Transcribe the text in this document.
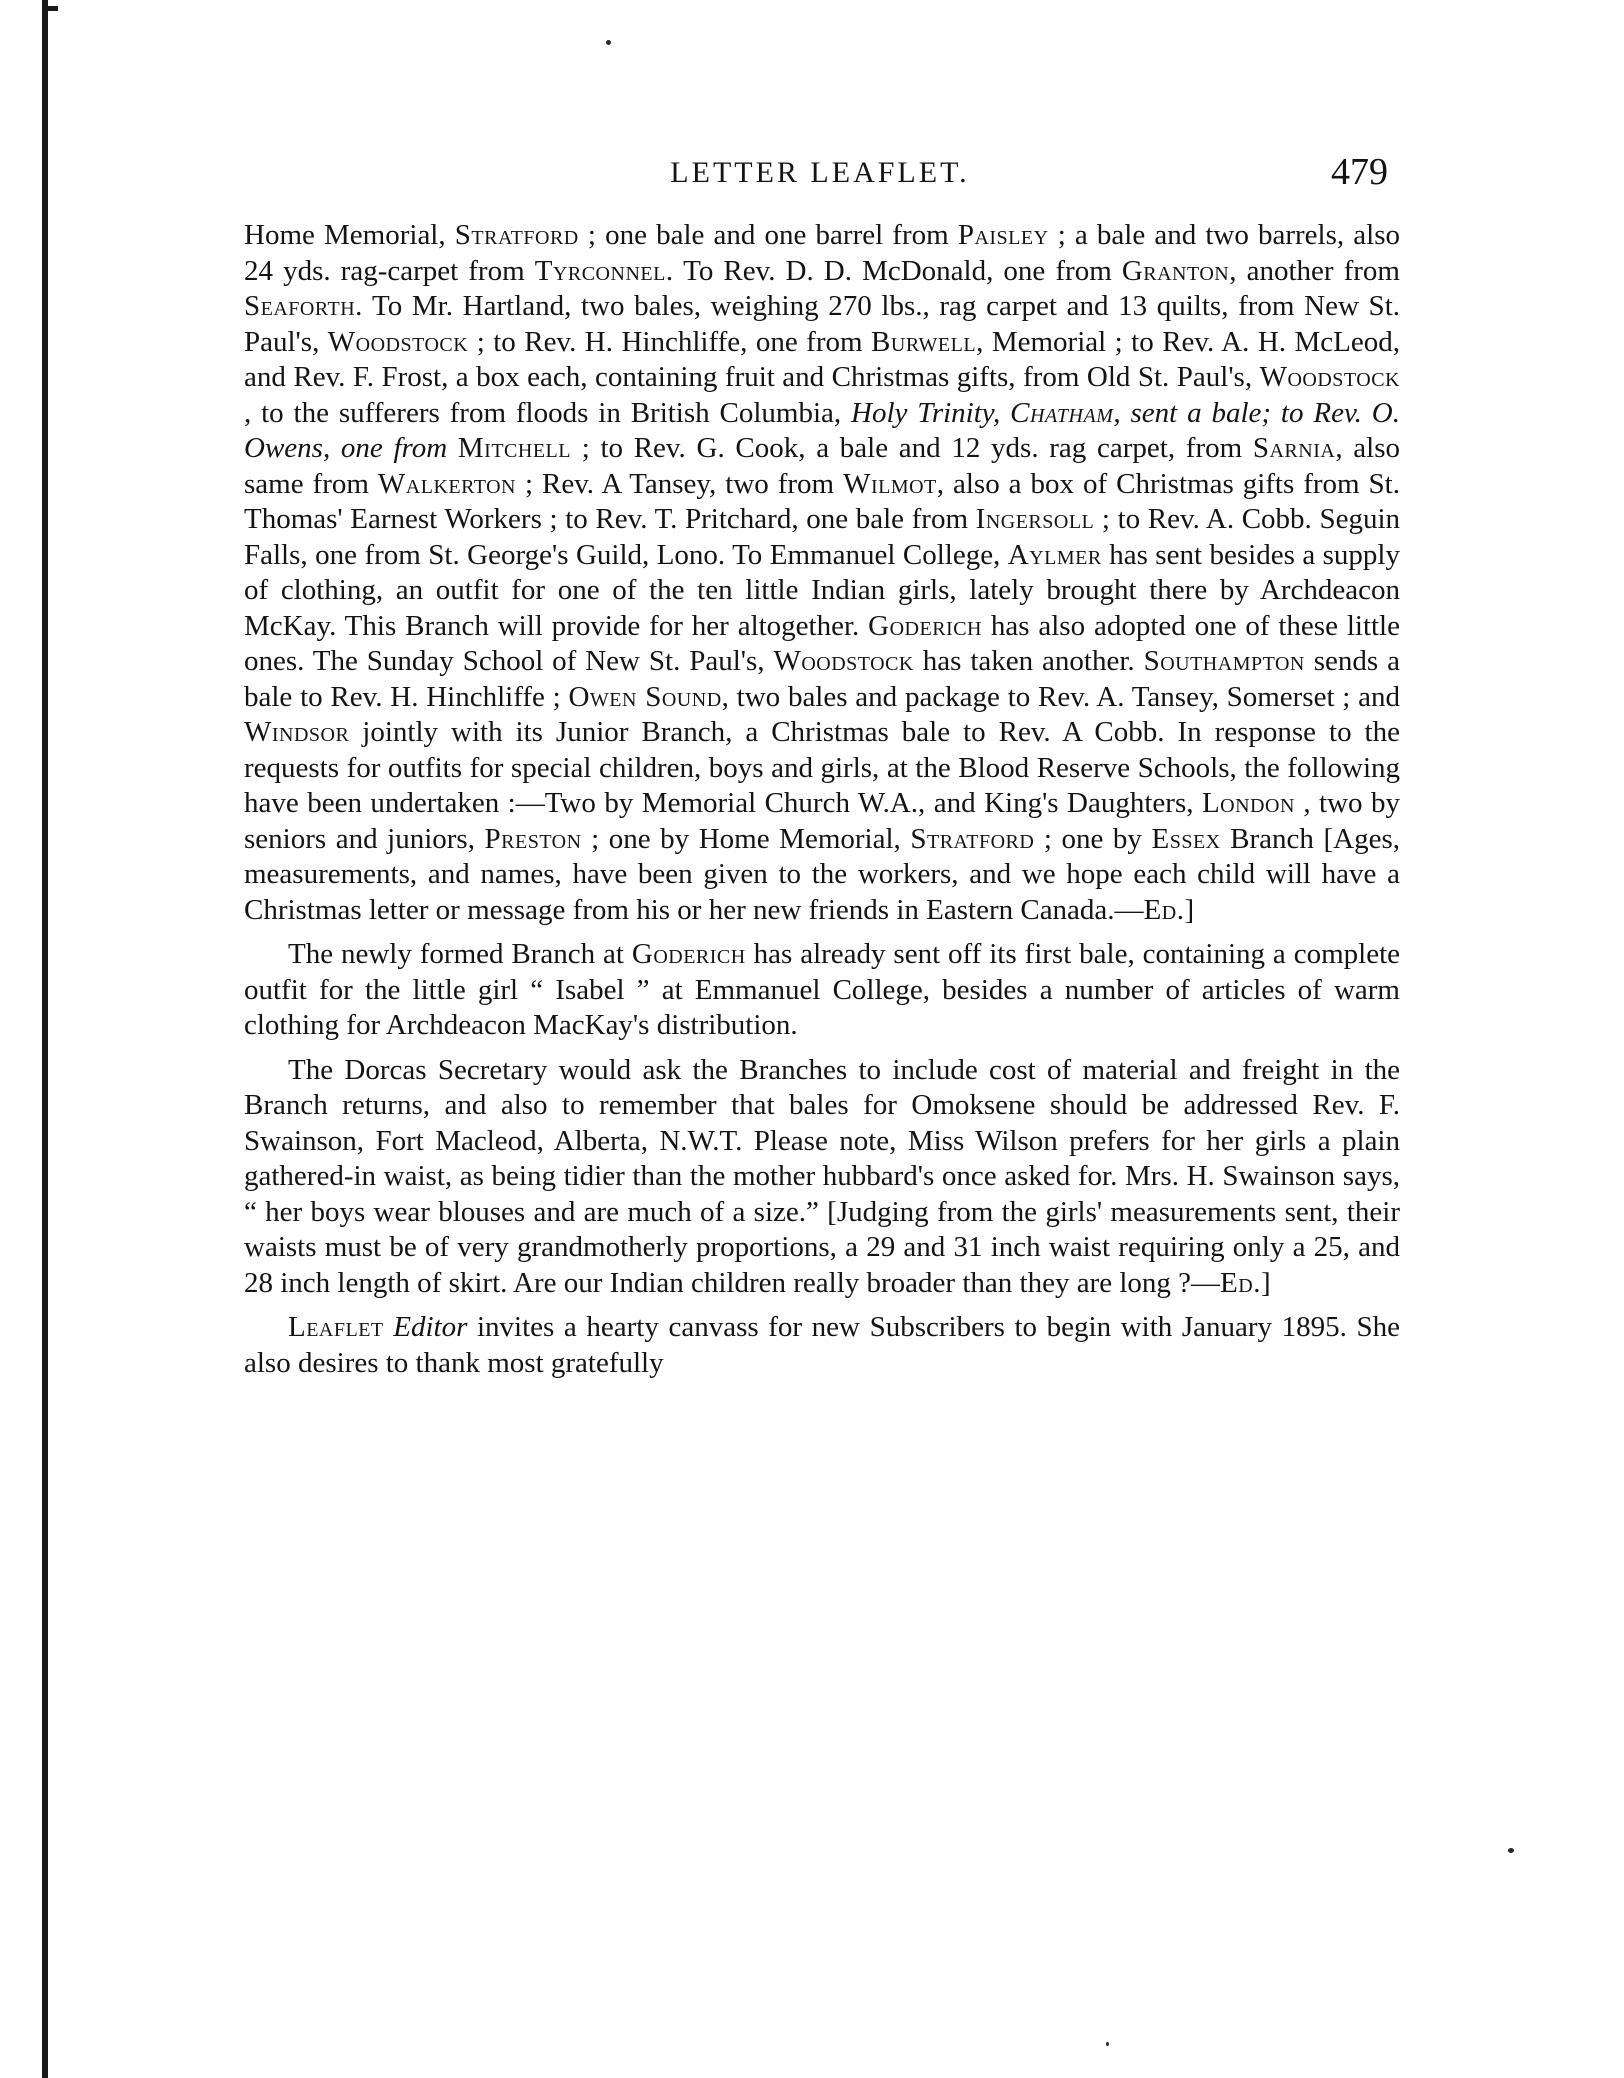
LETTER LEAFLET.	479

Home Memorial, Stratford ; one bale and one barrel from Paisley ; a bale and two barrels, also 24 yds. rag-carpet from Tyrconnel. To Rev. D. D. McDonald, one from Granton, another from Seaforth. To Mr. Hartland, two bales, weighing 270 lbs., rag carpet and 13 quilts, from New St. Paul's, Woodstock ; to Rev. H. Hinchliffe, one from Burwell, Memorial ; to Rev. A. H. McLeod, and Rev. F. Frost, a box each, containing fruit and Christmas gifts, from Old St. Paul's, Woodstock , to the sufferers from floods in British Columbia, Holy Trinity, Chatham, sent a bale; to Rev. O. Owens, one from Mitchell ; to Rev. G. Cook, a bale and 12 yds. rag carpet, from Sarnia, also same from Walkerton ; Rev. A Tansey, two from Wilmot, also a box of Christmas gifts from St. Thomas' Earnest Workers ; to Rev. T. Pritchard, one bale from Ingersoll ; to Rev. A. Cobb. Seguin Falls, one from St. George's Guild, Lono. To Emmanuel College, Aylmer has sent besides a supply of clothing, an outfit for one of the ten little Indian girls, lately brought there by Archdeacon McKay. This Branch will provide for her altogether. Goderich has also adopted one of these little ones. The Sunday School of New St. Paul's, Woodstock has taken another. Southampton sends a bale to Rev. H. Hinchliffe ; Owen Sound, two bales and package to Rev. A. Tansey, Somerset ; and Windsor jointly with its Junior Branch, a Christmas bale to Rev. A Cobb. In response to the requests for outfits for special children, boys and girls, at the Blood Reserve Schools, the following have been undertaken :—Two by Memorial Church W.A., and King's Daughters, London , two by seniors and juniors, Preston ; one by Home Memorial, Stratford ; one by Essex Branch [Ages, measurements, and names, have been given to the workers, and we hope each child will have a Christmas letter or message from his or her new friends in Eastern Canada.—Ed.]

The newly formed Branch at Goderich has already sent off its first bale, containing a complete outfit for the little girl “ Isabel ” at Emmanuel College, besides a number of articles of warm clothing for Archdeacon MacKay's distribution.

The Dorcas Secretary would ask the Branches to include cost of material and freight in the Branch returns, and also to remember that bales for Omoksene should be addressed Rev. F. Swainson, Fort Macleod, Alberta, N.W.T. Please note, Miss Wilson prefers for her girls a plain gathered-in waist, as being tidier than the mother hubbard's once asked for. Mrs. H. Swainson says, “ her boys wear blouses and are much of a size.” [Judging from the girls' measurements sent, their waists must be of very grandmotherly proportions, a 29 and 31 inch waist requiring only a 25, and 28 inch length of skirt. Are our Indian children really broader than they are long ?—Ed.]

Leaflet Editor invites a hearty canvass for new Subscribers to begin with January 1895. She also desires to thank most gratefully
